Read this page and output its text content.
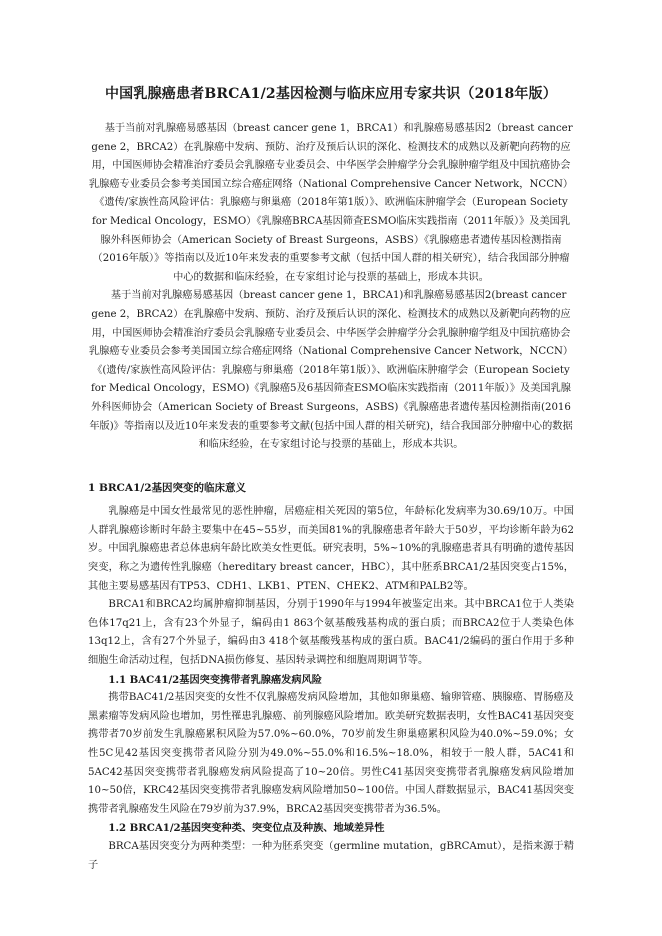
中国乳腺癌患者BRCA1/2基因检测与临床应用专家共识（2018年版）

基于当前对乳腺癌易感基因（breast cancer gene 1，BRCA1）和乳腺癌易感基因2（breast cancer gene 2，BRCA2）在乳腺癌中发病、预防、治疗及预后认识的深化、检测技术的成熟以及新靶向药物的应用，中国医师协会精准治疗委员会乳腺癌专业委员会、中华医学会肿瘤学分会乳腺肿瘤学组及中国抗癌协会乳腺癌专业委员会参考美国国立综合癌症网络（National Comprehensive Cancer Network，NCCN）《遗传/家族性高风险评估：乳腺癌与卵巢癌（2018年第1版）》、欧洲临床肿瘤学会（European Society for Medical Oncology，ESMO）《乳腺癌BRCA基因筛查ESMO临床实践指南（2011年版）》及美国乳腺外科医师协会（American Society of Breast Surgeons，ASBS）《乳腺癌患者遗传基因检测指南（2016年版）》等指南以及近10年来发表的重要参考文献（包括中国人群的相关研究），结合我国部分肿瘤中心的数据和临床经验，在专家组讨论与投票的基础上，形成本共识。

基于当前对乳腺癌易感基因（breast cancer gene 1，BRCA1)和乳腺癌易感基因2(breast cancer gene 2，BRCA2）在乳腺癌中发病、预防、治疗及预后认识的深化、检测技术的成熟以及新靶向药物的应用，中国医师协会精准治疗委员会乳腺癌专业委员会、中华医学会肿瘤学分会乳腺肿瘤学组及中国抗癌协会乳腺癌专业委员会参考美国国立综合癌症网络（National Comprehensive Cancer Network，NCCN）《(遗传/家族性高风险评估：乳腺癌与卵巢癌（2018年第1版）》、欧洲临床肿瘤学会（European Society for Medical Oncology，ESMO)《乳腺癌5及6基因筛查ESMO临床实践指南（2011年版）》及美国乳腺外科医师协会（American Society of Breast Surgeons，ASBS)《乳腺癌患者遗传基因检测指南(2016年版)》等指南以及近10年来发表的重要参考文献(包括中国人群的相关研究)，结合我国部分肿瘤中心的数据和临床经验，在专家组讨论与投票的基础上，形成本共识。

1 BRCA1/2基因突变的临床意义

乳腺癌是中国女性最常见的恶性肿瘤，居癌症相关死因的第5位，年龄标化发病率为30.69/10万。中国人群乳腺癌诊断时年龄主要集中在45~55岁，而美国81%的乳腺癌患者年龄大于50岁，平均诊断年龄为62岁。中国乳腺癌患者总体患病年龄比欧美女性更低。研究表明，5%~10%的乳腺癌患者具有明确的遗传基因突变，称之为遗传性乳腺癌（hereditary breast cancer，HBC），其中胚系BRCA1/2基因突变占15%，其他主要易感基因有TP53、CDH1、LKB1、PTEN、CHEK2、ATM和PALB2等。

BRCA1和BRCA2均属肿瘤抑制基因，分别于1990年与1994年被鉴定出来。其中BRCA1位于人类染色体17q21上，含有23个外显子，编码由1 863个氨基酸残基构成的蛋白质；而BRCA2位于人类染色体13q12上，含有27个外显子，编码由3 418个氨基酸残基构成的蛋白质。BAC41/2编码的蛋白作用于多种细胞生命活动过程，包括DNA损伤修复、基因转录调控和细胞周期调节等。

1.1 BAC41/2基因突变携带者乳腺癌发病风险

携带BAC41/2基因突变的女性不仅乳腺癌发病风险增加，其他如卵巢癌、输卵管癌、胰腺癌、胃肠癌及黑素瘤等发病风险也增加，男性罹患乳腺癌、前列腺癌风险增加。欧美研究数据表明，女性BAC41基因突变携带者70岁前发生乳腺癌累积风险为57.0%~60.0%，70岁前发生卵巢癌累积风险为40.0%~59.0%；女性5C见42基因突变携带者风险分别为49.0%~55.0%和16.5%~18.0%，相较于一般人群，5AC41和5AC42基因突变携带者乳腺癌发病风险提高了10~20倍。男性C41基因突变携带者乳腺癌发病风险增加10~50倍，KRC42基因突变携带者乳腺癌发病风险增加50~100倍。中国人群数据显示，BAC41基因突变携带者乳腺癌发生风险在79岁前为37.9%，BRCA2基因突变携带者为36.5%。

1.2 BRCA1/2基因突变种类、突变位点及种族、地域差异性

BRCA基因突变分为两种类型：一种为胚系突变（germline mutation，gBRCAmut），是指来源于精子
